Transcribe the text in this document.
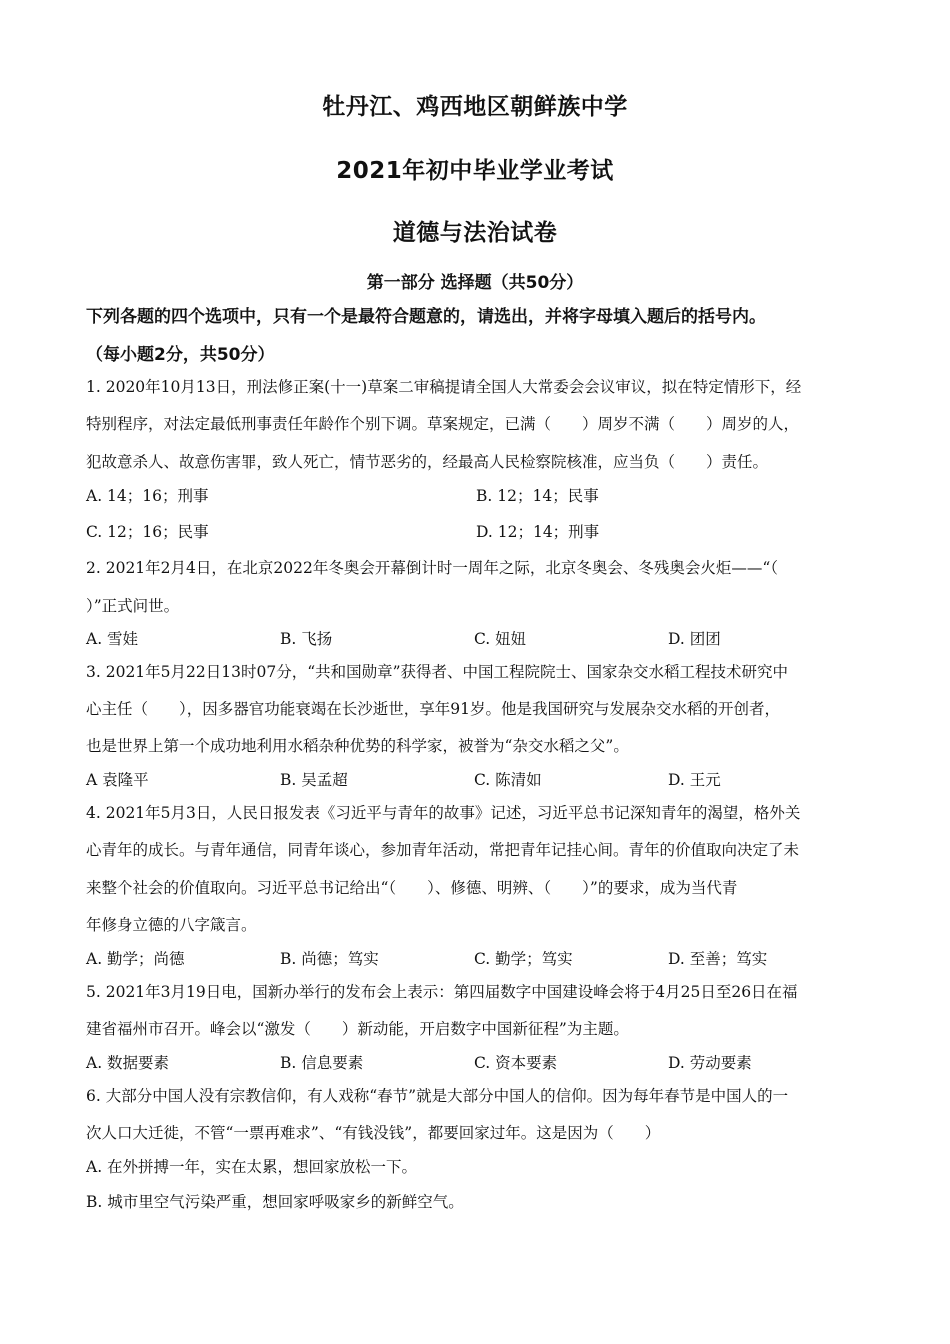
牡丹江、鸡西地区朝鲜族中学
2021年初中毕业学业考试
道德与法治试卷
第一部分 选择题（共50分）
下列各题的四个选项中，只有一个是最符合题意的，请选出，并将字母填入题后的括号内。
（每小题2分，共50分）
1. 2020年10月13日，刑法修正案(十一)草案二审稿提请全国人大常委会会议审议，拟在特定情形下，经
特别程序，对法定最低刑事责任年龄作个别下调。草案规定，已满（　　）周岁不满（　　）周岁的人，
犯故意杀人、故意伤害罪，致人死亡，情节恶劣的，经最高人民检察院核准，应当负（　　）责任。
A. 14；16；刑事	B. 12；14；民事
C. 12；16；民事	D. 12；14；刑事
2. 2021年2月4日，在北京2022年冬奥会开幕倒计时一周年之际，北京冬奥会、冬残奥会火炬——“（
）”正式问世。
A. 雪娃	B. 飞扬	C. 妞妞	D. 团团
3. 2021年5月22日13时07分，“共和国勋章”获得者、中国工程院院士、国家杂交水稻工程技术研究中
心主任（　　），因多器官功能衰竭在长沙逝世，享年91岁。他是我国研究与发展杂交水稻的开创者，
也是世界上第一个成功地利用水稻杂种优势的科学家，被誉为“杂交水稻之父”。
A 袁隆平	B. 吴孟超	C. 陈清如	D. 王元
4. 2021年5月3日，人民日报发表《习近平与青年的故事》记述，习近平总书记深知青年的渴望，格外关
心青年的成长。与青年通信，同青年谈心，参加青年活动，常把青年记挂心间。青年的价值取向决定了未
来整个社会的价值取向。习近平总书记给出“（　　）、修德、明辨、（　　）”的要求，成为当代青
年修身立德的八字箴言。
A. 勤学；尚德	B. 尚德；笃实	C. 勤学；笃实	D. 至善；笃实
5. 2021年3月19日电，国新办举行的发布会上表示：第四届数字中国建设峰会将于4月25日至26日在福
建省福州市召开。峰会以“激发（　　）新动能，开启数字中国新征程”为主题。
A. 数据要素	B. 信息要素	C. 资本要素	D. 劳动要素
6. 大部分中国人没有宗教信仰，有人戏称“春节”就是大部分中国人的信仰。因为每年春节是中国人的一
次人口大迁徙，不管“一票再难求”、“有钱没钱”，都要回家过年。这是因为（　　）
A. 在外拼搏一年，实在太累，想回家放松一下。
B. 城市里空气污染严重，想回家呼吸家乡的新鲜空气。
